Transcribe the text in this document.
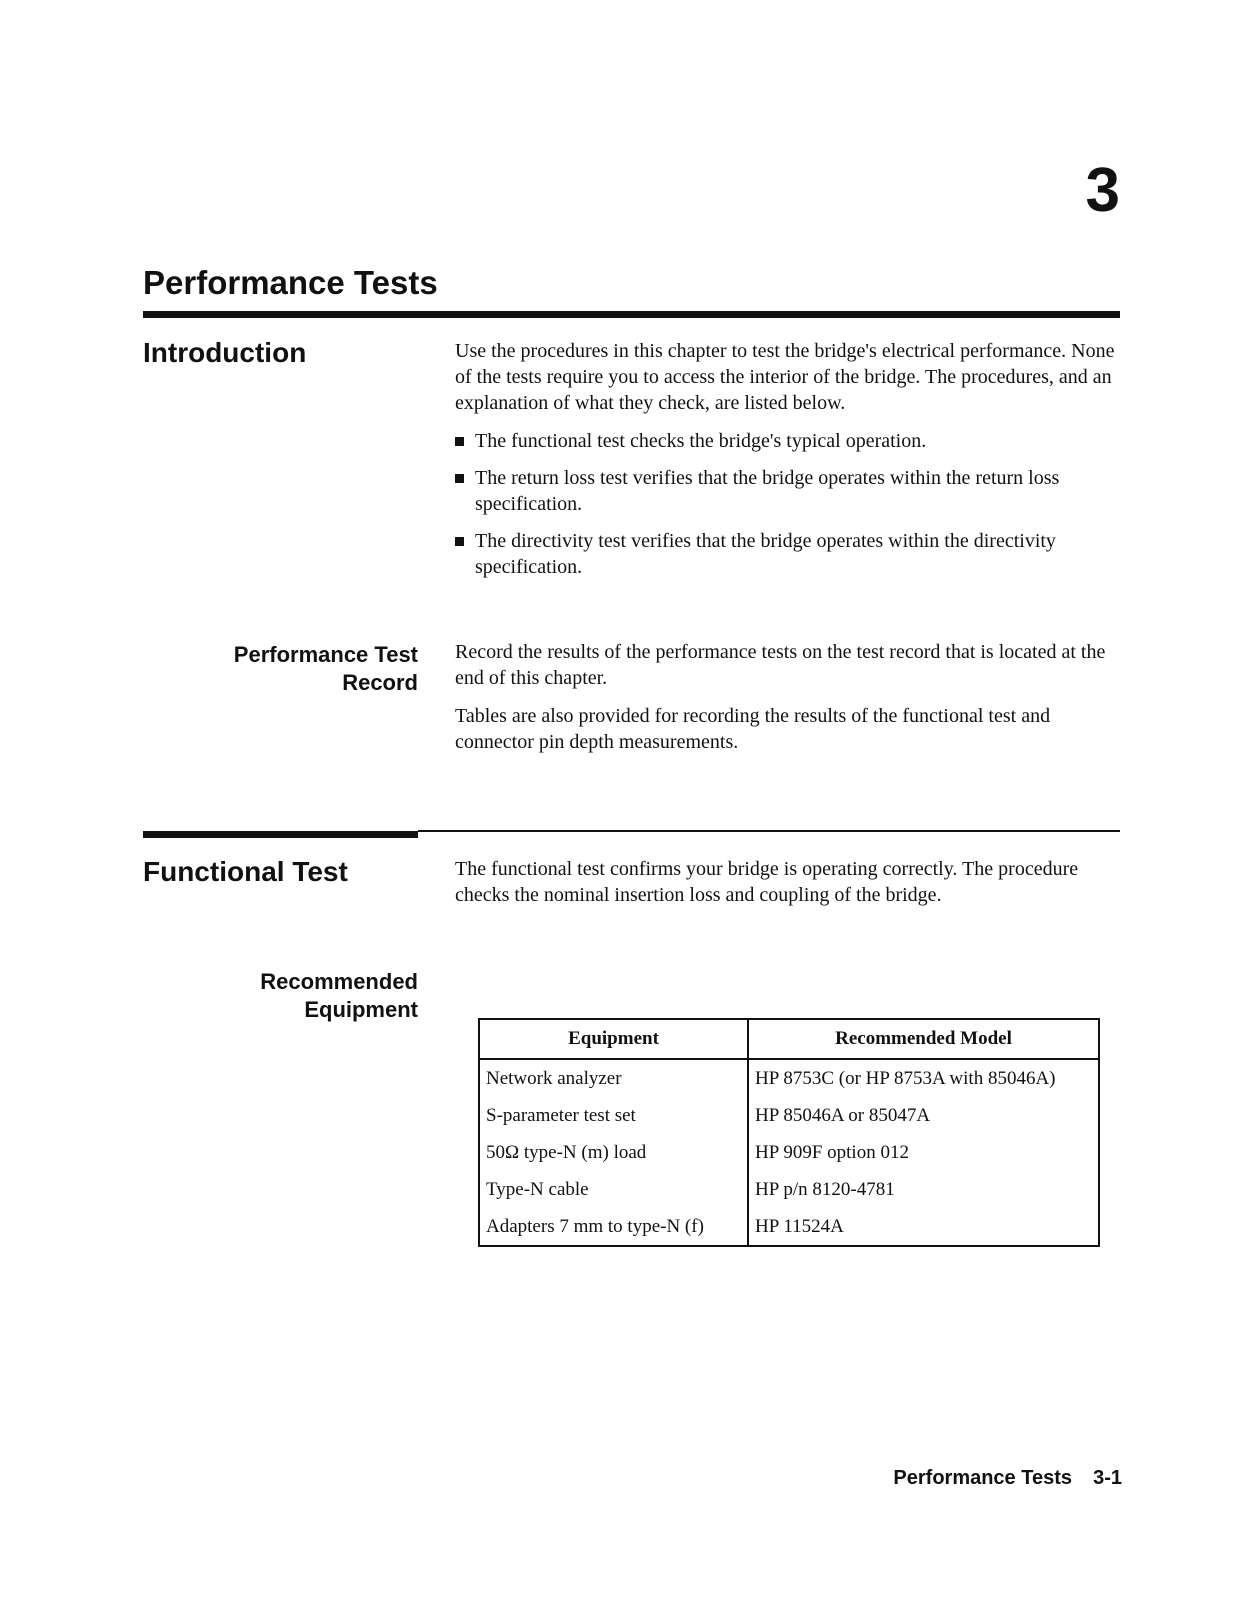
3
Performance Tests
Introduction	Use the procedures in this chapter to test the bridge's electrical performance. None of the tests require you to access the interior of the bridge. The procedures, and an explanation of what they check, are listed below.

The functional test checks the bridge's typical operation.
The return loss test verifies that the bridge operates within the return loss specification.
The directivity test verifies that the bridge operates within the directivity specification.
Performance Test
Record

Record the results of the performance tests on the test record that is located at the end of this chapter.

Tables are also provided for recording the results of the functional test and connector pin depth measurements.

Functional Test	The functional test confirms your bridge is operating correctly. The procedure checks the nominal insertion loss and coupling of the bridge.

Recommended
Equipment
Equipment	Recommended Model
Network analyzer	HP 8753C (or HP 8753A with 85046A)
S-parameter test set	HP 85046A or 85047A
50Ω type-N (m) load	HP 909F option 012
Type-N cable	HP p/n 8120-4781
Adapters 7 mm to type-N (f)	HP 11524A
Performance Tests 3-1
